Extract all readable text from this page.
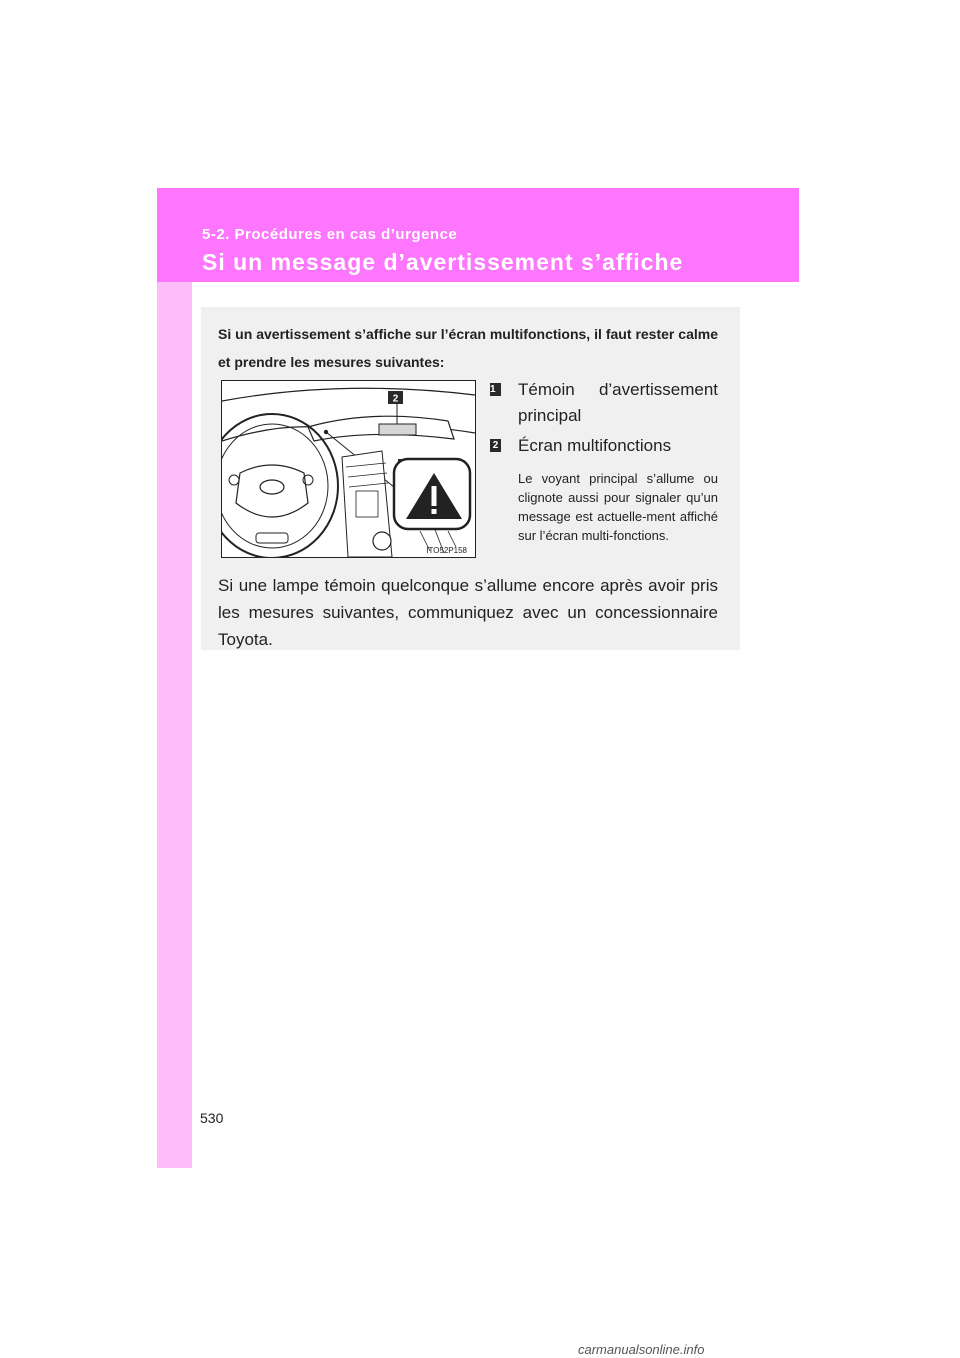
5-2. Procédures en cas d’urgence
Si un message d’avertissement s’affiche
Si un avertissement s’affiche sur l’écran multifonctions, il faut rester calme et prendre les mesures suivantes:
2
ITO52P158
1	Témoin d’avertissement principal
2 Écran multifonctions
Le voyant principal s’allume ou clignote aussi pour signaler qu’un message est actuelle-ment affiché sur l’écran multi-fonctions.
Si une lampe témoin quelconque s’allume encore après avoir pris les mesures suivantes, communiquez avec un concessionnaire Toyota.
530
carmanualsonline.info
